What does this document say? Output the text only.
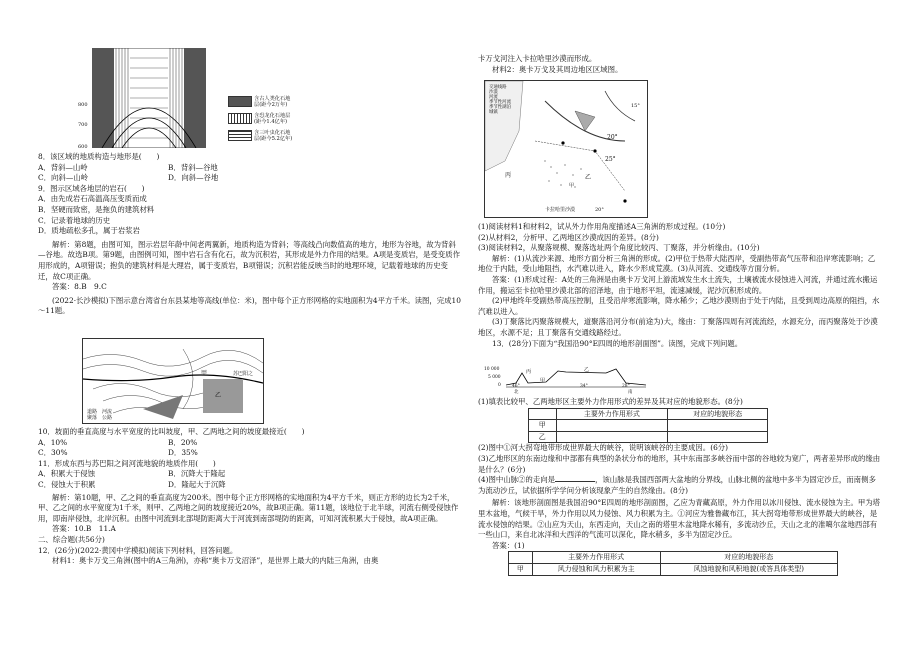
800
700
600
含古人类化石地
层(距今2万年)
含恐龙化石地层
(距今1.4亿年)
含三叶虫化石地
层(距今5.2亿年)

8．该区域的地质构造与地形是(　　)

A．背斜—山岭	B．背斜—谷地
C．向斜—山岭	D．向斜—谷地

9．图示区域各地层的岩石(　　)

A．由先成岩石高温高压变质而成

B．坚硬而致密，是拖负的建筑材料

C．记录着地球的历史

D．质地疏松多孔，属于岩浆岩

解析：第8题，由图可知，图示岩层年龄中间老两翼新，地质构造为背斜；等高线凸向数值高的地方，地形为谷地，故为背斜—谷地。故选B项。第9题，由图例可知，图中岩石含有化石，故为沉积岩，其形成是外力作用的结果。A项是变质岩，是受变质作用形成的，A项错误；抱负的建筑材料是大理岩，属于变质岩，B项错误；沉积岩能反映当时的地理环境，记载着地球的历史变迁，故C项正确。

答案：8.B　9.C

(2022·长沙模拟)下图示意台湾省台东县某地等高线(单位：米)，图中每个正方形网格的实地面积为4平方千米。读图，完成10～11题。

甲
乙
苏巴阳之
道路　 河流
聚落　 公路

10．坡面的垂直高度与水平宽度的比叫坡度，甲、乙两地之间的坡度最接近(　　)

A．10%	B．20%
C．30%	D．35%

11．形成东西与苏巴阳之间河流地貌的地质作用(　　)

A．积累大于侵蚀	B．沉降大于隆起
C．侵蚀大于积累	D．隆起大于沉降

解析：第10题，甲、乙之间的垂直高度为200米。图中每个正方形网格的实地面积为4平方千米，则正方形的边长为2千米，甲、乙之间的水平宽度为1千米，则甲、乙两地之间的坡度接近20%，故B项正确。第11题，该地位于北半球，河流右侧受侵蚀作用，即南岸侵蚀，北岸沉积。由图中河流到北部堤防距离大于河流到南部堤防的距离，可知河流积累大于侵蚀，故A项正确。

答案：10.B　11.A

二、综合题(共56分)

12．(26分)(2022·黄冈中学模拟)阅读下列材料，回答问题。

材料1：奥卡万戈三角洲(图中的A三角洲)，亦称“奥卡万戈沼泽”，是世界上最大的内陆三角洲，由奥

卡万戈河注入卡拉哈里沙漠而形成。

材料2：奥卡万戈及其周边地区区域图。

交通线路
沙漠
河流
季节性河流
季节性湖泊
城镇
15°
20°
25°
丙	乙
甲
卡拉哈里沙漠	20°

(1)阅读材料1和材料2，试从外力作用角度描述A三角洲的形成过程。(10分)

(2)从材料2，分析甲、乙两地区沙漠成因的差异。(8分)

(3)阅读材料2，从聚落规模、聚落选址两个角度比较丙、丁聚落，并分析缘由。(10分)

解析：(1)从流沙来源、地形方面分析三角洲的形成。(2)甲位于热带大陆西岸，受副热带高气压带和沿岸寒流影响；乙地位于内陆，受山地阻挡，水汽难以进入，降水少形成荒漠。(3)从河流、交通线等方面分析。

答案：(1)形成过程：A处的三角洲是由奥卡万戈河上游流域发生水土流失，土壤被流水侵蚀进入河流，并通过流水搬运作用，搬运至卡拉哈里沙漠北部的沼泽地，由于地形平坦，流速减缓，泥沙沉积形成的。

(2)甲地终年受副热带高压控制，且受沿岸寒流影响，降水稀少；乙地沙漠则由于处于内陆，且受到周边高原的阻挡，水汽难以进入。

(3)丁聚落比丙聚落规模大，道聚落沿河分布(前途为)大，缘由：丁聚落四周有河流流经，水源充分，而丙聚落处于沙漠地区，水源不足；且丁聚落有交通线路经过。

13．(28分)下面为“我国沿90°E四周的地形剖面图”。读图，完成下列问题。

10 000
5 000
0	46°
丙
甲
乙
34°	28°
北	南

(1)填表比较甲、乙两地形区主要外力作用形式的差异及其对应的地貌形态。(8分)

	主要外力作用形式	对应的地貌形态
甲		
乙		

(2)图中①河大拐弯地带形成世界最大的峡谷，说明该峡谷的主要成因。(6分)

(3)乙地形区的东南边缘和中部都有典型的条状分布的地形，其中东南部多峡谷而中部的谷地较为宽广，两者差异形成的缘由是什么？(6分)

(4)图中山脉②的走向是	，该山脉是我国西部两大盆地的分界线，山脉北侧的盆地中多半为固定沙丘，而南侧多为流动沙丘，试依据所学学问分析该现象产生的自然缘由。(8分)

解析：该地形剖面图是我国沿90°E四周的地形剖面图，乙应为青藏高原，外力作用以冰川侵蚀、流水侵蚀为主。甲为塔里木盆地，气候干旱，外力作用以风力侵蚀、风力积累为主。①河应为雅鲁藏布江，其大拐弯地带形成世界最大的峡谷，是流水侵蚀的结果。②山应为天山，东西走向，天山之南的塔里木盆地降水稀有，多流动沙丘，天山之北的准噶尔盆地西部有一些山口，来自北冰洋和大西洋的气流可以深化，降水稍多，多半为固定沙丘。

答案：(1)

	主要外力作用形式	对应的地貌形态
甲	风力侵蚀和风力积累为主	风蚀地貌和风积地貌(或答具体类型)
